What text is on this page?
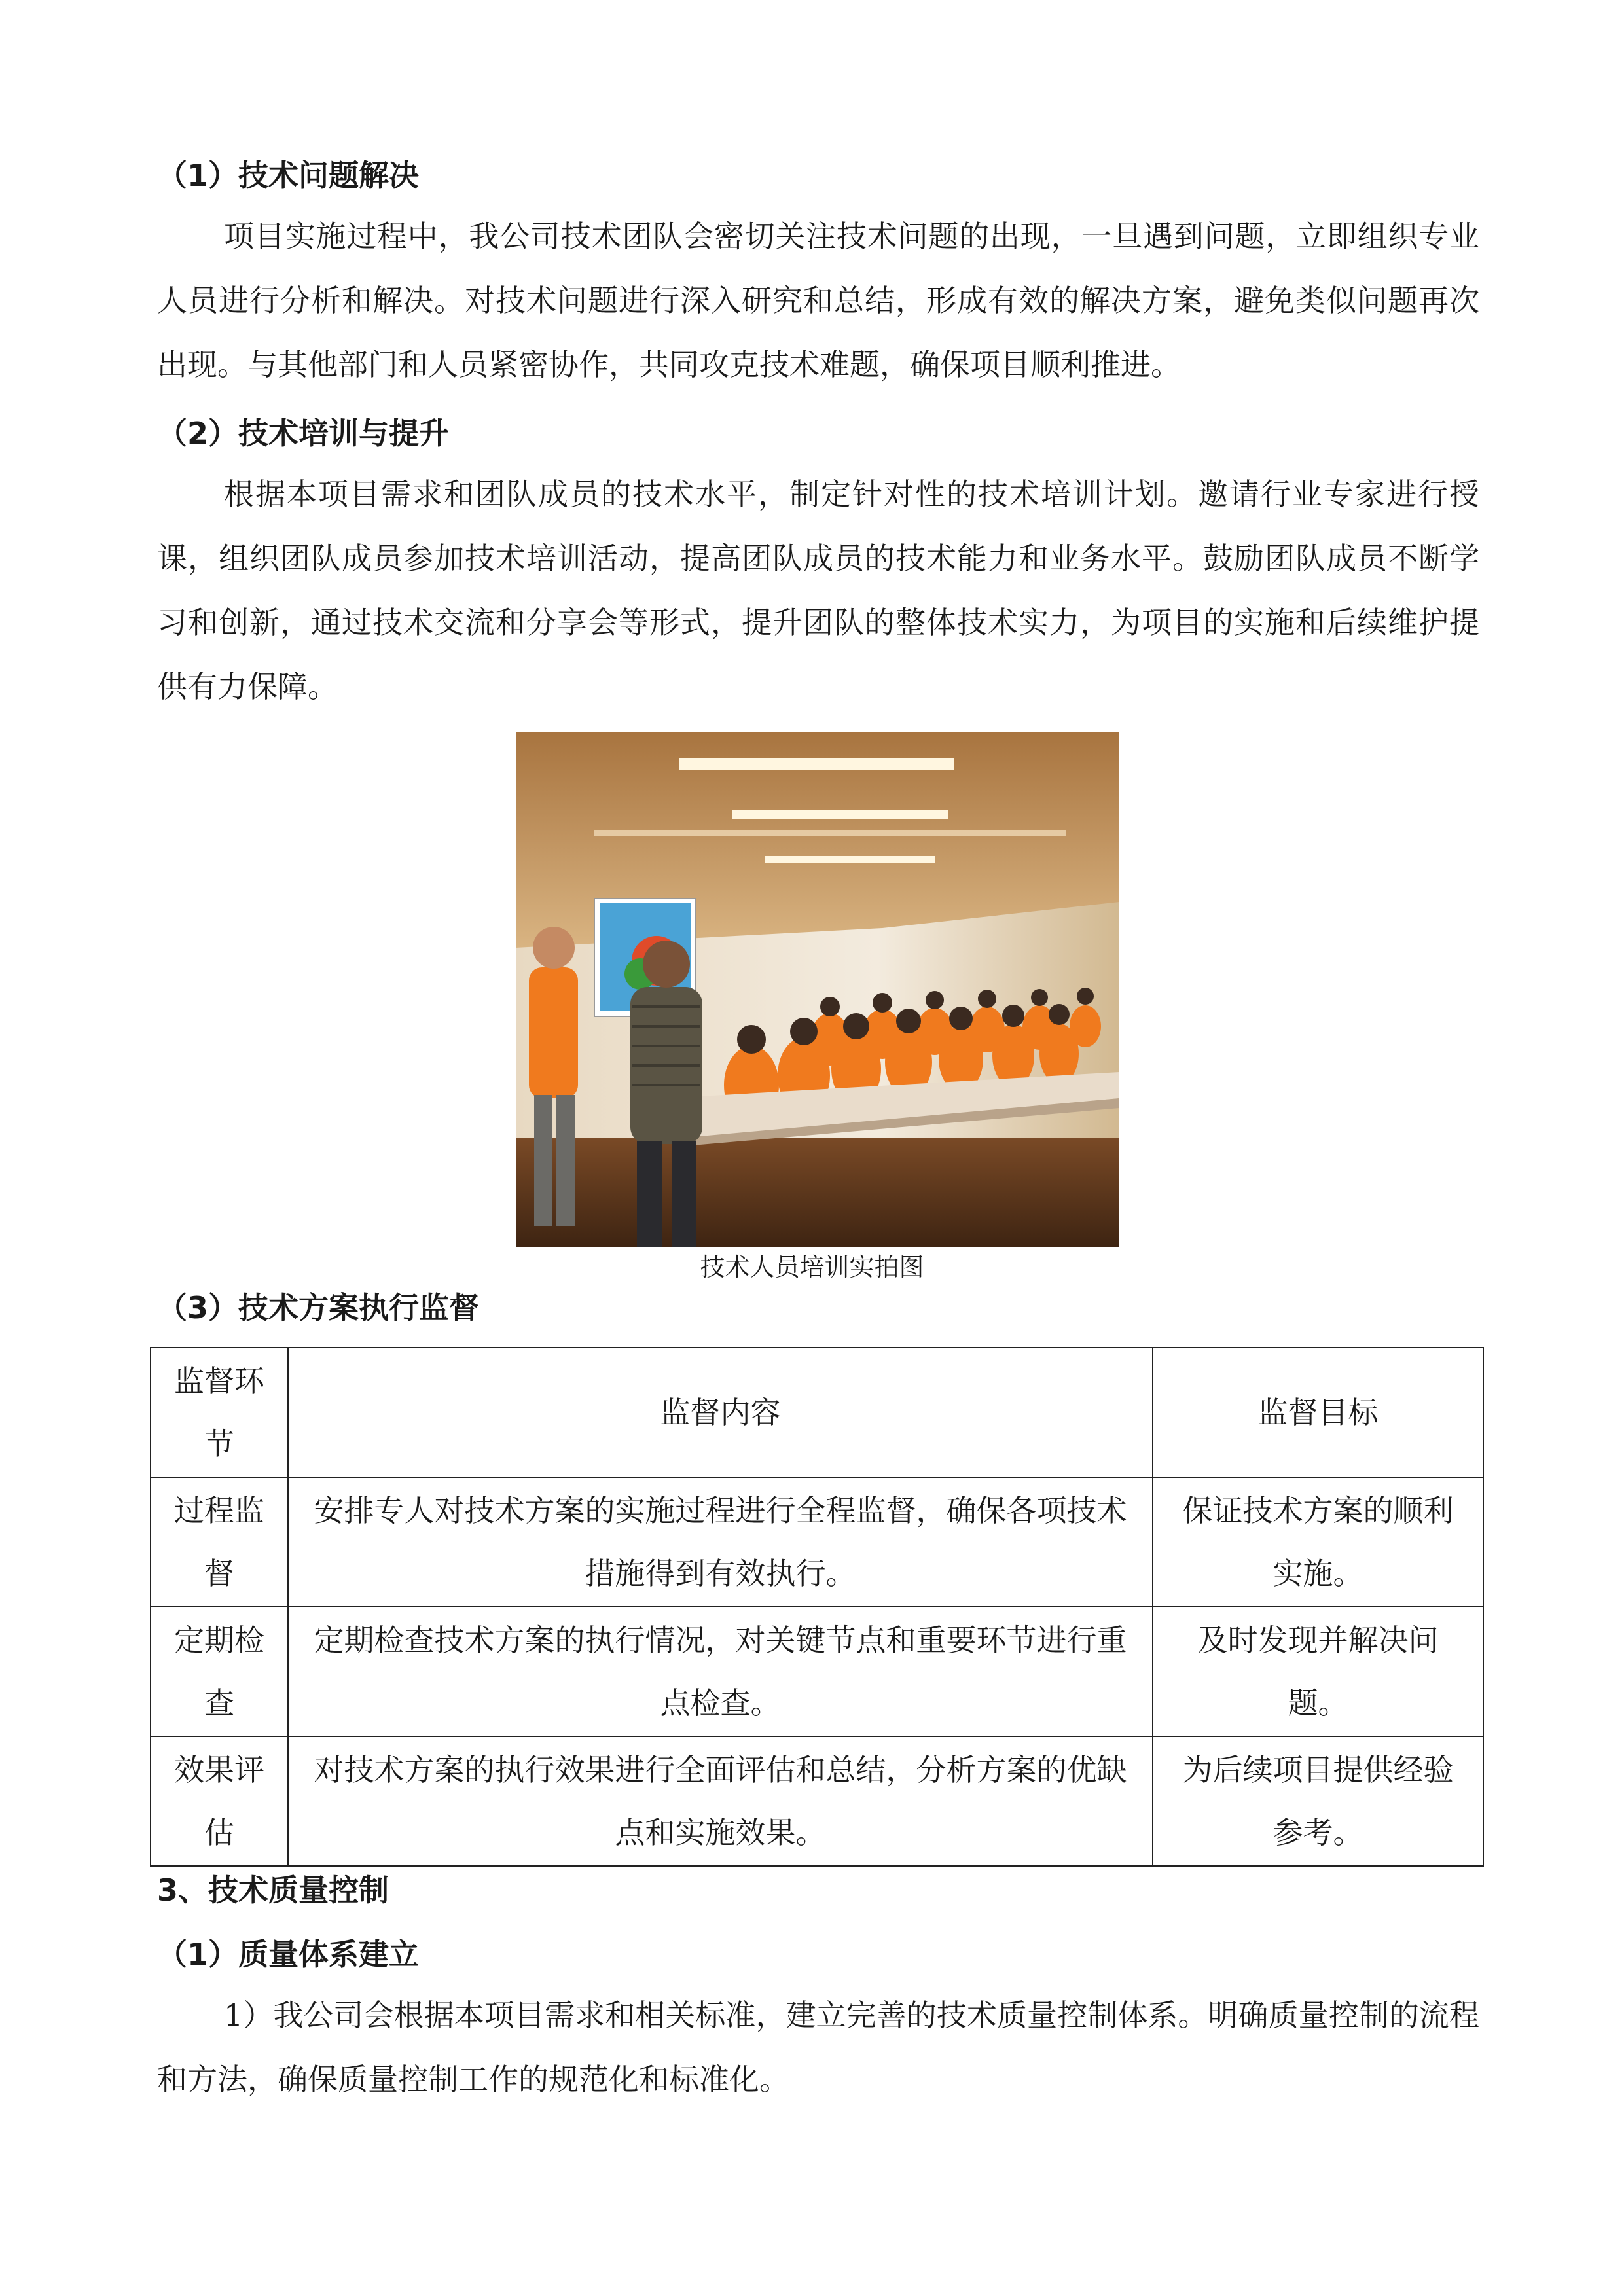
（1）技术问题解决
项目实施过程中，我公司技术团队会密切关注技术问题的出现，一旦遇到问题，立即组织专业人员进行分析和解决。对技术问题进行深入研究和总结，形成有效的解决方案，避免类似问题再次出现。与其他部门和人员紧密协作，共同攻克技术难题，确保项目顺利推进。
（2）技术培训与提升
根据本项目需求和团队成员的技术水平，制定针对性的技术培训计划。邀请行业专家进行授课，组织团队成员参加技术培训活动，提高团队成员的技术能力和业务水平。鼓励团队成员不断学习和创新，通过技术交流和分享会等形式，提升团队的整体技术实力，为项目的实施和后续维护提供有力保障。
技术人员培训实拍图
（3）技术方案执行监督
监督环节	监督内容	监督目标
过程监督	安排专人对技术方案的实施过程进行全程监督，确保各项技术措施得到有效执行。	保证技术方案的顺利实施。
定期检查	定期检查技术方案的执行情况，对关键节点和重要环节进行重点检查。	及时发现并解决问题。
效果评估	对技术方案的执行效果进行全面评估和总结，分析方案的优缺点和实施效果。	为后续项目提供经验参考。
3、技术质量控制
（1）质量体系建立
1）我公司会根据本项目需求和相关标准，建立完善的技术质量控制体系。明确质量控制的流程和方法，确保质量控制工作的规范化和标准化。
